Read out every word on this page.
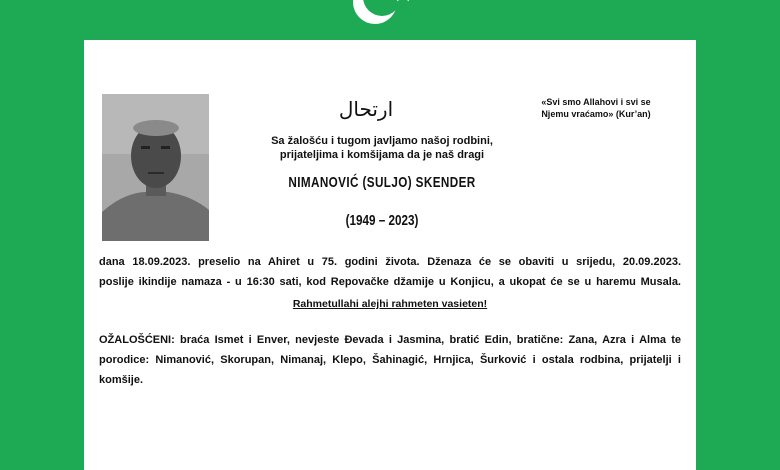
ارتحال	«Svi smo Allahovi i svi se
Njemu vraćamo» (Kur’an)
Sa žalošću i tugom javljamo našoj rodbini,
prijateljima i komšijama da je naš dragi
NIMANOVIĆ (SULJO) SKENDER
(1949 – 2023)
dana 18.09.2023. preselio na Ahiret u 75. godini života. Dženaza će se obaviti u srijedu, 20.09.2023.
poslije ikindije namaza - u 16:30 sati, kod Repovačke džamije u Konjicu, a ukopat će se u haremu Musala.
Rahmetullahi alejhi rahmeten vasieten!
OŽALOŠĆENI: braća Ismet i Enver, nevjeste Đevada i Jasmina, bratić Edin, bratične: Zana, Azra i Alma te
porodice: Nimanović, Skorupan, Nimanaj, Klepo, Šahinagić, Hrnjica, Šurković i ostala rodbina, prijatelji i
komšije.
